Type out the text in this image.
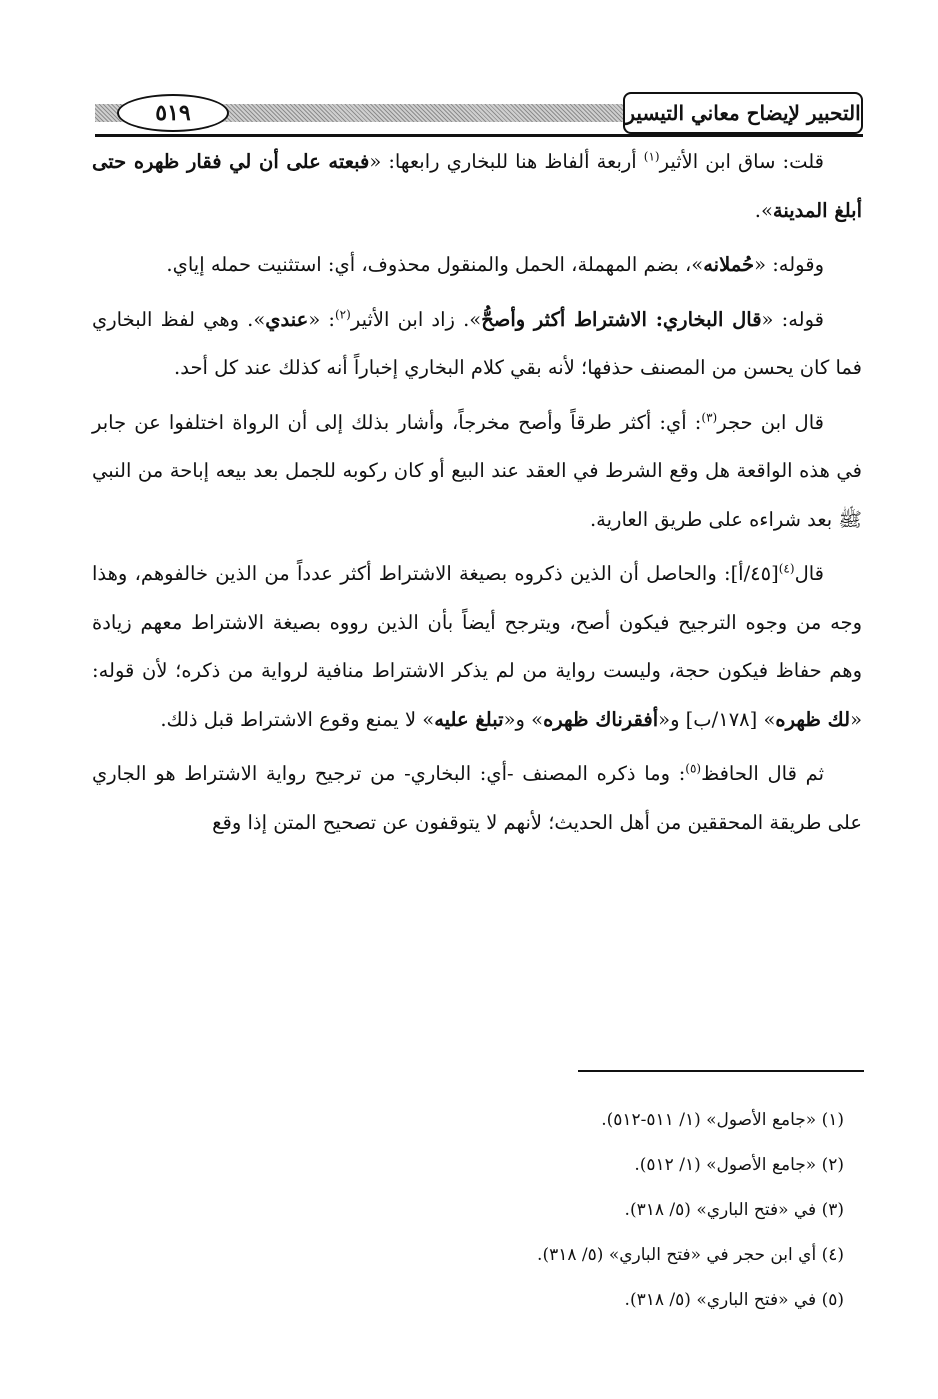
٥١٩	التحبير لإيضاح معاني التيسير

قلت: ساق ابن الأثير$^{(١)}$ أربعة ألفاظ هنا للبخاري رابعها: «فبعته على أن لي فقار ظهره حتى أبلغ المدينة».

وقوله: «حُملانه»، بضم المهملة، الحمل والمنقول محذوف، أي: استثنيت حمله إياي.

قوله: «قال البخاري: الاشتراط أكثر وأصحُّ». زاد ابن الأثير$^{(٢)}$: «عندي». وهي لفظ البخاري فما كان يحسن من المصنف حذفها؛ لأنه بقي كلام البخاري إخباراً أنه كذلك عند كل أحد.

قال ابن حجر$^{(٣)}$: أي: أكثر طرقاً وأصح مخرجاً، وأشار بذلك إلى أن الرواة اختلفوا عن جابر في هذه الواقعة هل وقع الشرط في العقد عند البيع أو كان ركوبه للجمل بعد بيعه إباحة من النبي ﷺ بعد شراءه على طريق العارية.

قال$^{(٤)}$[٤٥/أ]: والحاصل أن الذين ذكروه بصيغة الاشتراط أكثر عدداً من الذين خالفوهم، وهذا وجه من وجوه الترجيح فيكون أصح، ويترجح أيضاً بأن الذين رووه بصيغة الاشتراط معهم زيادة وهم حفاظ فيكون حجة، وليست رواية من لم يذكر الاشتراط منافية لرواية من ذكره؛ لأن قوله: «لك ظهره» [١٧٨/ب] و«أفقرناك ظهره» و«تبلغ عليه» لا يمنع وقوع الاشتراط قبل ذلك.

ثم قال الحافظ$^{(٥)}$: وما ذكره المصنف -أي: البخاري- من ترجيح رواية الاشتراط هو الجاري على طريقة المحققين من أهل الحديث؛ لأنهم لا يتوقفون عن تصحيح المتن إذا وقع

(١) «جامع الأصول» (١/ ٥١١-٥١٢).
(٢) «جامع الأصول» (١/ ٥١٢).
(٣) في «فتح الباري» (٥/ ٣١٨).
(٤) أي ابن حجر في «فتح الباري» (٥/ ٣١٨).
(٥) في «فتح الباري» (٥/ ٣١٨).
